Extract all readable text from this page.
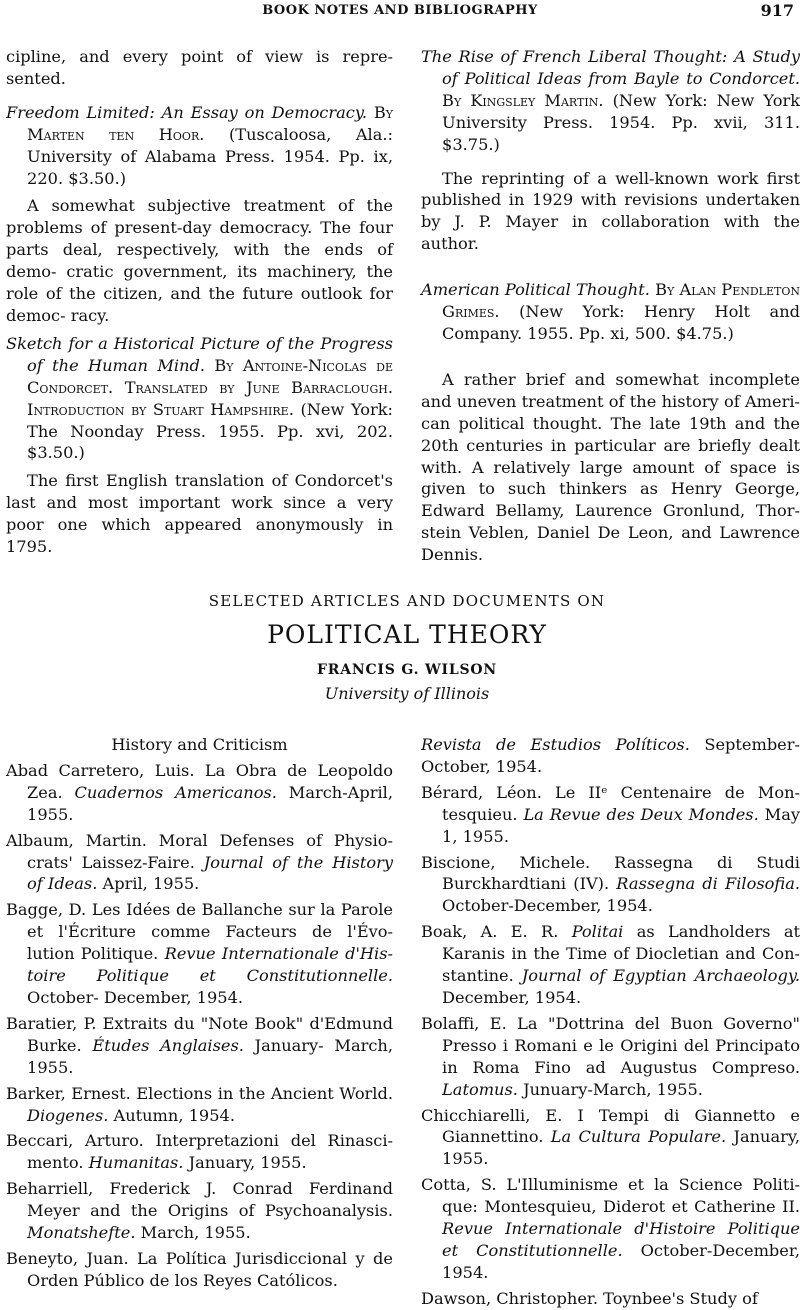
BOOK NOTES AND BIBLIOGRAPHY	917

cipline, and every point of view is repre- sented.

Freedom Limited: An Essay on Democracy. By Marten ten Hoor. (Tuscaloosa, Ala.: University of Alabama Press. 1954. Pp. ix, 220. $3.50.)

A somewhat subjective treatment of the problems of present-day democracy. The four parts deal, respectively, with the ends of demo- cratic government, its machinery, the role of the citizen, and the future outlook for democ- racy.

Sketch for a Historical Picture of the Progress of the Human Mind. By Antoine-Nicolas de Condorcet. Translated by June Barraclough. Introduction by Stuart Hampshire. (New York: The Noonday Press. 1955. Pp. xvi, 202. $3.50.)

The first English translation of Condorcet's last and most important work since a very poor one which appeared anonymously in 1795.

The Rise of French Liberal Thought: A Study of Political Ideas from Bayle to Condorcet. By Kingsley Martin. (New York: New York University Press. 1954. Pp. xvii, 311. $3.75.)

The reprinting of a well-known work first published in 1929 with revisions undertaken by J. P. Mayer in collaboration with the author.

American Political Thought. By Alan Pendleton Grimes. (New York: Henry Holt and Company. 1955. Pp. xi, 500. $4.75.)

A rather brief and somewhat incomplete and uneven treatment of the history of Ameri- can political thought. The late 19th and the 20th centuries in particular are briefly dealt with. A relatively large amount of space is given to such thinkers as Henry George, Edward Bellamy, Laurence Gronlund, Thor- stein Veblen, Daniel De Leon, and Lawrence Dennis.

SELECTED ARTICLES AND DOCUMENTS ON
POLITICAL THEORY
FRANCIS G. WILSON
University of Illinois
History and Criticism

Abad Carretero, Luis. La Obra de Leopoldo Zea. Cuadernos Americanos. March-April, 1955.

Albaum, Martin. Moral Defenses of Physio- crats' Laissez-Faire. Journal of the History of Ideas. April, 1955.

Bagge, D. Les Idées de Ballanche sur la Parole et l'Écriture comme Facteurs de l'Évo- lution Politique. Revue Internationale d'His- toire Politique et Constitutionnelle. October- December, 1954.

Baratier, P. Extraits du "Note Book" d'Edmund Burke. Études Anglaises. January- March, 1955.

Barker, Ernest. Elections in the Ancient World. Diogenes. Autumn, 1954.

Beccari, Arturo. Interpretazioni del Rinasci- mento. Humanitas. January, 1955.

Beharriell, Frederick J. Conrad Ferdinand Meyer and the Origins of Psychoanalysis. Monatshefte. March, 1955.

Beneyto, Juan. La Política Jurisdiccional y de Orden Público de los Reyes Católicos.

Revista de Estudios Políticos. September- October, 1954.

Bérard, Léon. Le IIᵉ Centenaire de Mon- tesquieu. La Revue des Deux Mondes. May 1, 1955.

Biscione, Michele. Rassegna di Studi Burckhardtiani (IV). Rassegna di Filosofia. October-December, 1954.

Boak, A. E. R. Politai as Landholders at Karanis in the Time of Diocletian and Con- stantine. Journal of Egyptian Archaeology. December, 1954.

Bolaffi, E. La "Dottrina del Buon Governo" Presso i Romani e le Origini del Principato in Roma Fino ad Augustus Compreso. Latomus. Junuary-March, 1955.

Chicchiarelli, E. I Tempi di Giannetto e Giannettino. La Cultura Populare. January, 1955.

Cotta, S. L'Illuminisme et la Science Politi- que: Montesquieu, Diderot et Catherine II. Revue Internationale d'Histoire Politique et Constitutionnelle. October-December, 1954.

Dawson, Christopher. Toynbee's Study of
